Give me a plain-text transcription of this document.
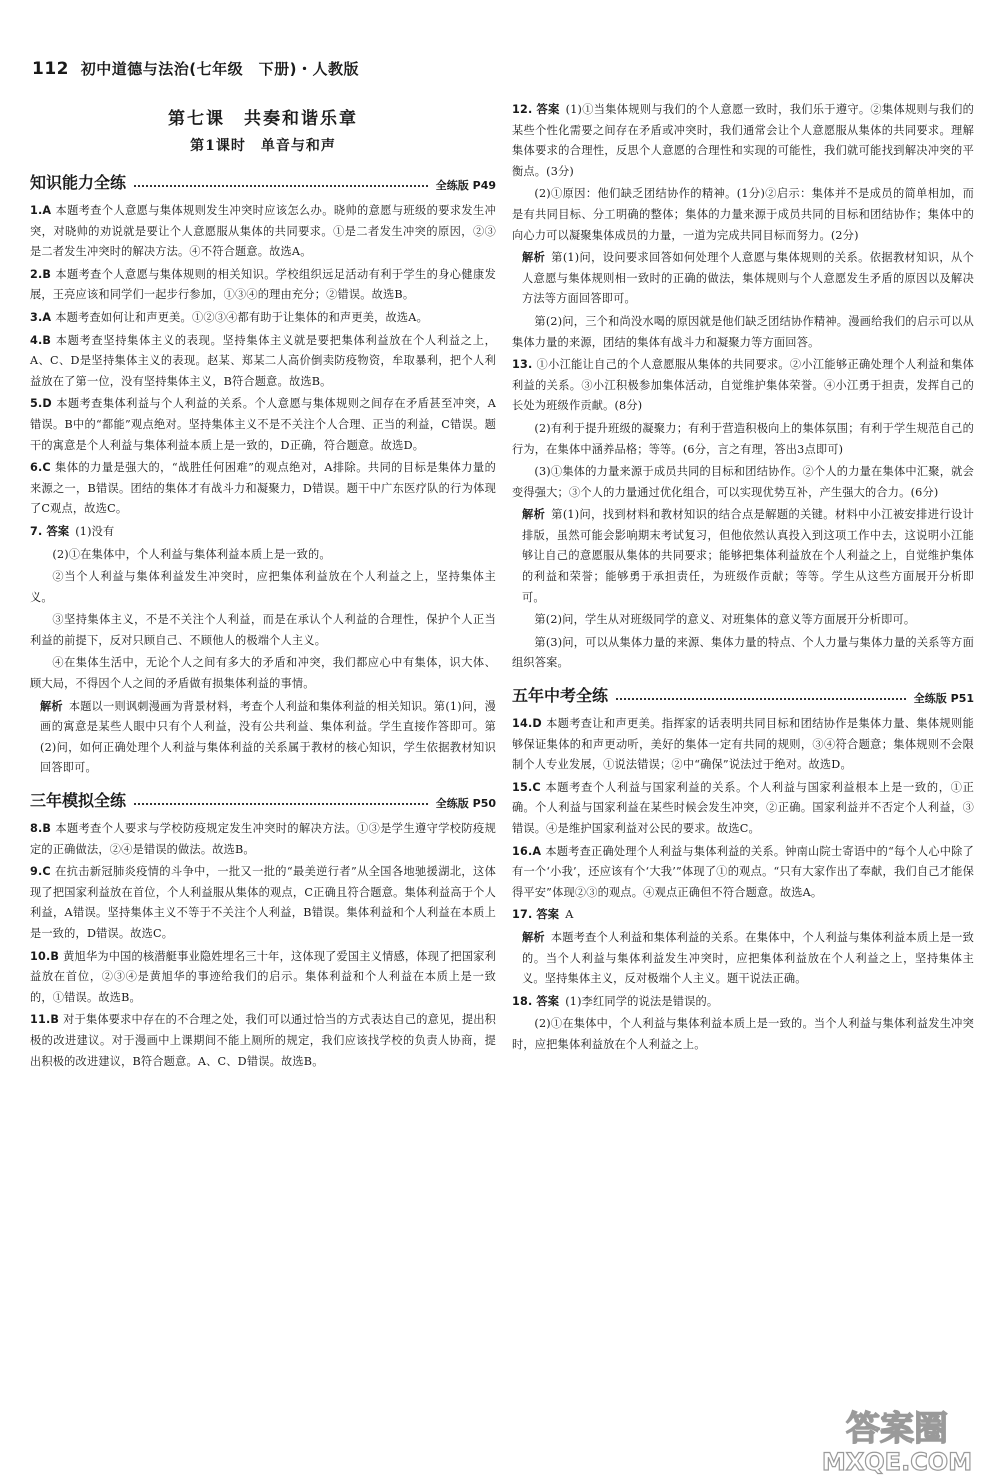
112 初中道德与法治(七年级　下册)・人教版
第七课　共奏和谐乐章
第1课时　单音与和声
知识能力全练	全练版 P49

1.A 本题考查个人意愿与集体规则发生冲突时应该怎么办。晓帅的意愿与班级的要求发生冲突，对晓帅的劝说就是要让个人意愿服从集体的共同要求。①是二者发生冲突的原因，②③是二者发生冲突时的解决方法。④不符合题意。故选A。

2.B 本题考查个人意愿与集体规则的相关知识。学校组织远足活动有利于学生的身心健康发展，王亮应该和同学们一起步行参加，①③④的理由充分；②错误。故选B。

3.A 本题考查如何让和声更美。①②③④都有助于让集体的和声更美，故选A。

4.B 本题考查坚持集体主义的表现。坚持集体主义就是要把集体利益放在个人利益之上，A、C、D是坚持集体主义的表现。赵某、郑某二人高价倒卖防疫物资，牟取暴利，把个人利益放在了第一位，没有坚持集体主义，B符合题意。故选B。

5.D 本题考查集体利益与个人利益的关系。个人意愿与集体规则之间存在矛盾甚至冲突，A错误。B中的“都能”观点绝对。坚持集体主义不是不关注个人合理、正当的利益，C错误。题干的寓意是个人利益与集体利益本质上是一致的，D正确，符合题意。故选D。

6.C 集体的力量是强大的，“战胜任何困难”的观点绝对，A排除。共同的目标是集体力量的来源之一，B错误。团结的集体才有战斗力和凝聚力，D错误。题干中广东医疗队的行为体现了C观点，故选C。

7. 答案 (1)没有

(2)①在集体中，个人利益与集体利益本质上是一致的。

②当个人利益与集体利益发生冲突时，应把集体利益放在个人利益之上，坚持集体主义。

③坚持集体主义，不是不关注个人利益，而是在承认个人利益的合理性，保护个人正当利益的前提下，反对只顾自己、不顾他人的极端个人主义。

④在集体生活中，无论个人之间有多大的矛盾和冲突，我们都应心中有集体，识大体、顾大局，不得因个人之间的矛盾做有损集体利益的事情。

解析 本题以一则讽刺漫画为背景材料，考查个人利益和集体利益的相关知识。第(1)问，漫画的寓意是某些人眼中只有个人利益，没有公共利益、集体利益。学生直接作答即可。第(2)问，如何正确处理个人利益与集体利益的关系属于教材的核心知识，学生依据教材知识回答即可。

三年模拟全练	全练版 P50

8.B 本题考查个人要求与学校防疫规定发生冲突时的解决方法。①③是学生遵守学校防疫规定的正确做法，②④是错误的做法。故选B。

9.C 在抗击新冠肺炎疫情的斗争中，一批又一批的“最美逆行者”从全国各地驰援湖北，这体现了把国家利益放在首位，个人利益服从集体的观点，C正确且符合题意。集体利益高于个人利益，A错误。坚持集体主义不等于不关注个人利益，B错误。集体利益和个人利益在本质上是一致的，D错误。故选C。

10.B 黄旭华为中国的核潜艇事业隐姓埋名三十年，这体现了爱国主义情感，体现了把国家利益放在首位，②③④是黄旭华的事迹给我们的启示。集体利益和个人利益在本质上是一致的，①错误。故选B。

11.B 对于集体要求中存在的不合理之处，我们可以通过恰当的方式表达自己的意见，提出积极的改进建议。对于漫画中上课期间不能上厕所的规定，我们应该找学校的负责人协商，提出积极的改进建议，B符合题意。A、C、D错误。故选B。

12. 答案 (1)①当集体规则与我们的个人意愿一致时，我们乐于遵守。②集体规则与我们的某些个性化需要之间存在矛盾或冲突时，我们通常会让个人意愿服从集体的共同要求。理解集体要求的合理性，反思个人意愿的合理性和实现的可能性，我们就可能找到解决冲突的平衡点。(3分)

(2)①原因：他们缺乏团结协作的精神。(1分)②启示：集体并不是成员的简单相加，而是有共同目标、分工明确的整体；集体的力量来源于成员共同的目标和团结协作；集体中的向心力可以凝聚集体成员的力量，一道为完成共同目标而努力。(2分)

解析 第(1)问，设问要求回答如何处理个人意愿与集体规则的关系。依据教材知识，从个人意愿与集体规则相一致时的正确的做法，集体规则与个人意愿发生矛盾的原因以及解决方法等方面回答即可。

第(2)问，三个和尚没水喝的原因就是他们缺乏团结协作精神。漫画给我们的启示可以从集体力量的来源，团结的集体有战斗力和凝聚力等方面回答。

13. ①小江能让自己的个人意愿服从集体的共同要求。②小江能够正确处理个人利益和集体利益的关系。③小江积极参加集体活动，自觉维护集体荣誉。④小江勇于担责，发挥自己的长处为班级作贡献。(8分)

(2)有利于提升班级的凝聚力；有利于营造积极向上的集体氛围；有利于学生规范自己的行为，在集体中涵养品格；等等。(6分，言之有理，答出3点即可)

(3)①集体的力量来源于成员共同的目标和团结协作。②个人的力量在集体中汇聚，就会变得强大；③个人的力量通过优化组合，可以实现优势互补，产生强大的合力。(6分)

解析 第(1)问，找到材料和教材知识的结合点是解题的关键。材料中小江被安排进行设计排版，虽然可能会影响期末考试复习，但他依然认真投入到这项工作中去，这说明小江能够让自己的意愿服从集体的共同要求；能够把集体利益放在个人利益之上，自觉维护集体的利益和荣誉；能够勇于承担责任，为班级作贡献；等等。学生从这些方面展开分析即可。

第(2)问，学生从对班级同学的意义、对班集体的意义等方面展开分析即可。

第(3)问，可以从集体力量的来源、集体力量的特点、个人力量与集体力量的关系等方面组织答案。

五年中考全练	全练版 P51

14.D 本题考查让和声更美。指挥家的话表明共同目标和团结协作是集体力量、集体规则能够保证集体的和声更动听，美好的集体一定有共同的规则，③④符合题意；集体规则不会限制个人专业发展，①说法错误；②中“确保”说法过于绝对。故选D。

15.C 本题考查个人利益与国家利益的关系。个人利益与国家利益根本上是一致的，①正确。个人利益与国家利益在某些时候会发生冲突，②正确。国家利益并不否定个人利益，③错误。④是维护国家利益对公民的要求。故选C。

16.A 本题考查正确处理个人利益与集体利益的关系。钟南山院士寄语中的“每个人心中除了有一个‘小我’，还应该有个‘大我’”体现了①的观点。“只有大家作出了奉献，我们自己才能保得平安”体现②③的观点。④观点正确但不符合题意。故选A。

17. 答案 A

解析 本题考查个人利益和集体利益的关系。在集体中，个人利益与集体利益本质上是一致的。当个人利益与集体利益发生冲突时，应把集体利益放在个人利益之上，坚持集体主义。坚持集体主义，反对极端个人主义。题干说法正确。

18. 答案 (1)李红同学的说法是错误的。

(2)①在集体中，个人利益与集体利益本质上是一致的。当个人利益与集体利益发生冲突时，应把集体利益放在个人利益之上。

答案圈
MXQE.COM
